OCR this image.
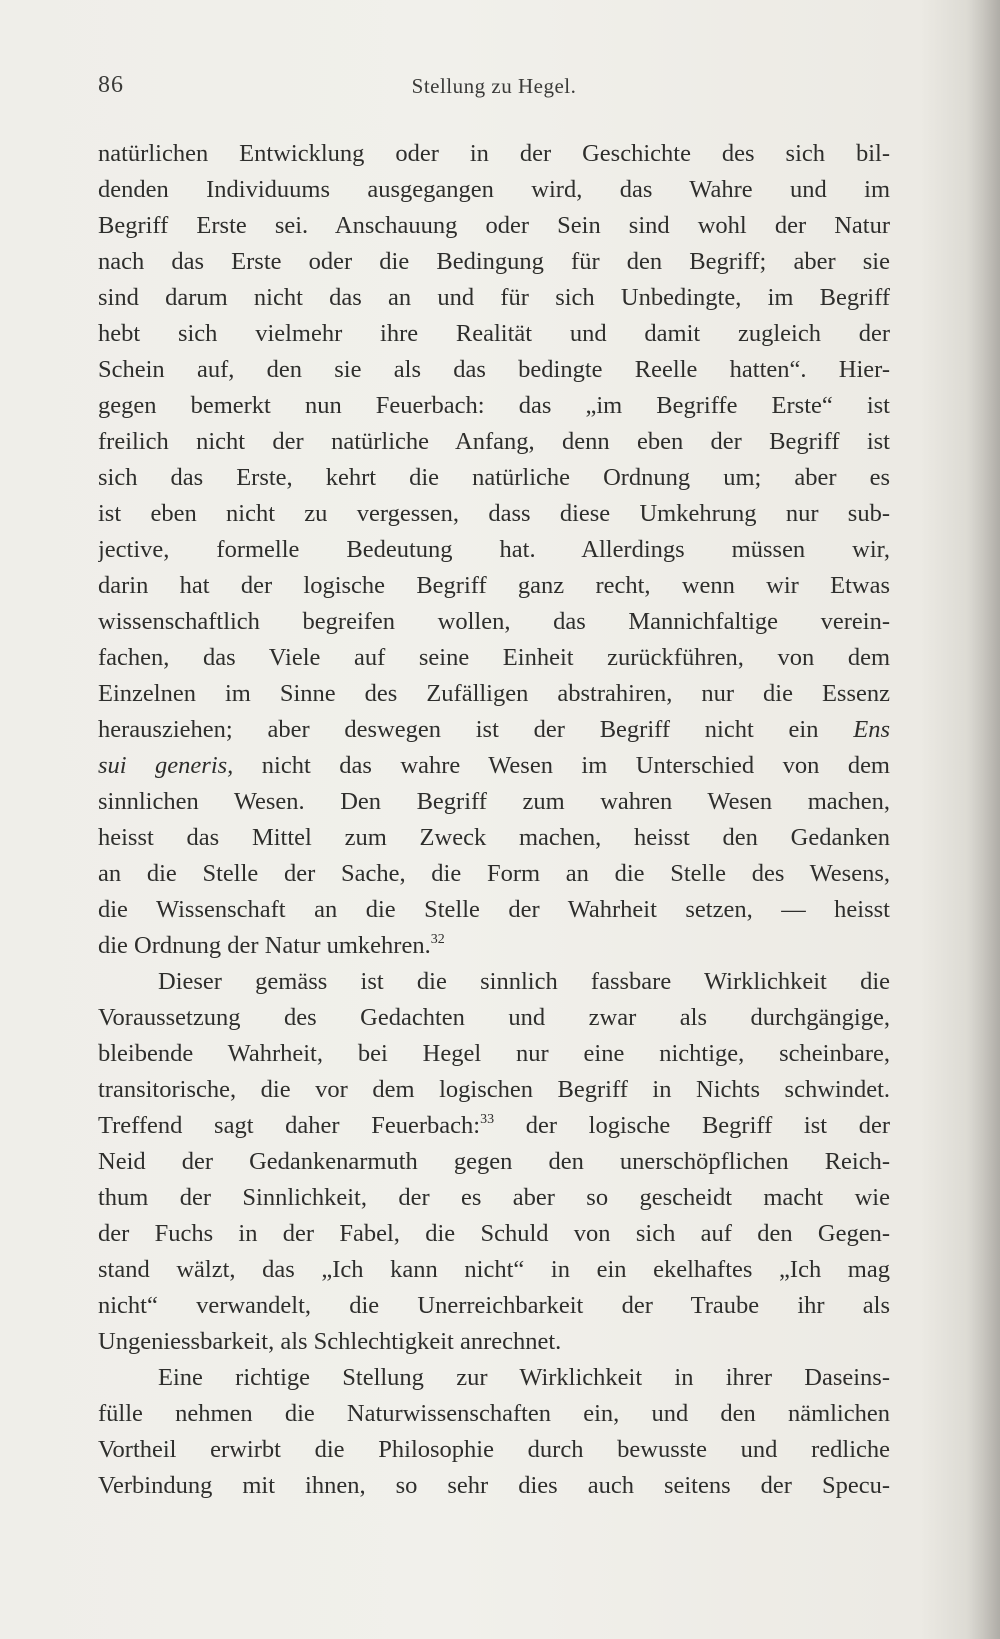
86	Stellung zu Hegel.
natürlichen Entwicklung oder in der Geschichte des sich bil-
denden Individuums ausgegangen wird, das Wahre und im
Begriff Erste sei. Anschauung oder Sein sind wohl der Natur
nach das Erste oder die Bedingung für den Begriff; aber sie
sind darum nicht das an und für sich Unbedingte, im Begriff
hebt sich vielmehr ihre Realität und damit zugleich der
Schein auf, den sie als das bedingte Reelle hatten“. Hier-
gegen bemerkt nun Feuerbach: das „im Begriffe Erste“ ist
freilich nicht der natürliche Anfang, denn eben der Begriff ist
sich das Erste, kehrt die natürliche Ordnung um; aber es
ist eben nicht zu vergessen, dass diese Umkehrung nur sub-
jective, formelle Bedeutung hat. Allerdings müssen wir,
darin hat der logische Begriff ganz recht, wenn wir Etwas
wissenschaftlich begreifen wollen, das Mannichfaltige verein-
fachen, das Viele auf seine Einheit zurückführen, von dem
Einzelnen im Sinne des Zufälligen abstrahiren, nur die Essenz
herausziehen; aber deswegen ist der Begriff nicht ein Ens
sui generis, nicht das wahre Wesen im Unterschied von dem
sinnlichen Wesen. Den Begriff zum wahren Wesen machen,
heisst das Mittel zum Zweck machen, heisst den Gedanken
an die Stelle der Sache, die Form an die Stelle des Wesens,
die Wissenschaft an die Stelle der Wahrheit setzen, — heisst
die Ordnung der Natur umkehren.$^{32}$
Dieser gemäss ist die sinnlich fassbare Wirklichkeit die
Voraussetzung des Gedachten und zwar als durchgängige,
bleibende Wahrheit, bei Hegel nur eine nichtige, scheinbare,
transitorische, die vor dem logischen Begriff in Nichts schwindet.
Treffend sagt daher Feuerbach:$^{33}$ der logische Begriff ist der
Neid der Gedankenarmuth gegen den unerschöpflichen Reich-
thum der Sinnlichkeit, der es aber so gescheidt macht wie
der Fuchs in der Fabel, die Schuld von sich auf den Gegen-
stand wälzt, das „Ich kann nicht“ in ein ekelhaftes „Ich mag
nicht“ verwandelt, die Unerreichbarkeit der Traube ihr als
Ungeniessbarkeit, als Schlechtigkeit anrechnet.
Eine richtige Stellung zur Wirklichkeit in ihrer Daseins-
fülle nehmen die Naturwissenschaften ein, und den nämlichen
Vortheil erwirbt die Philosophie durch bewusste und redliche
Verbindung mit ihnen, so sehr dies auch seitens der Specu-
